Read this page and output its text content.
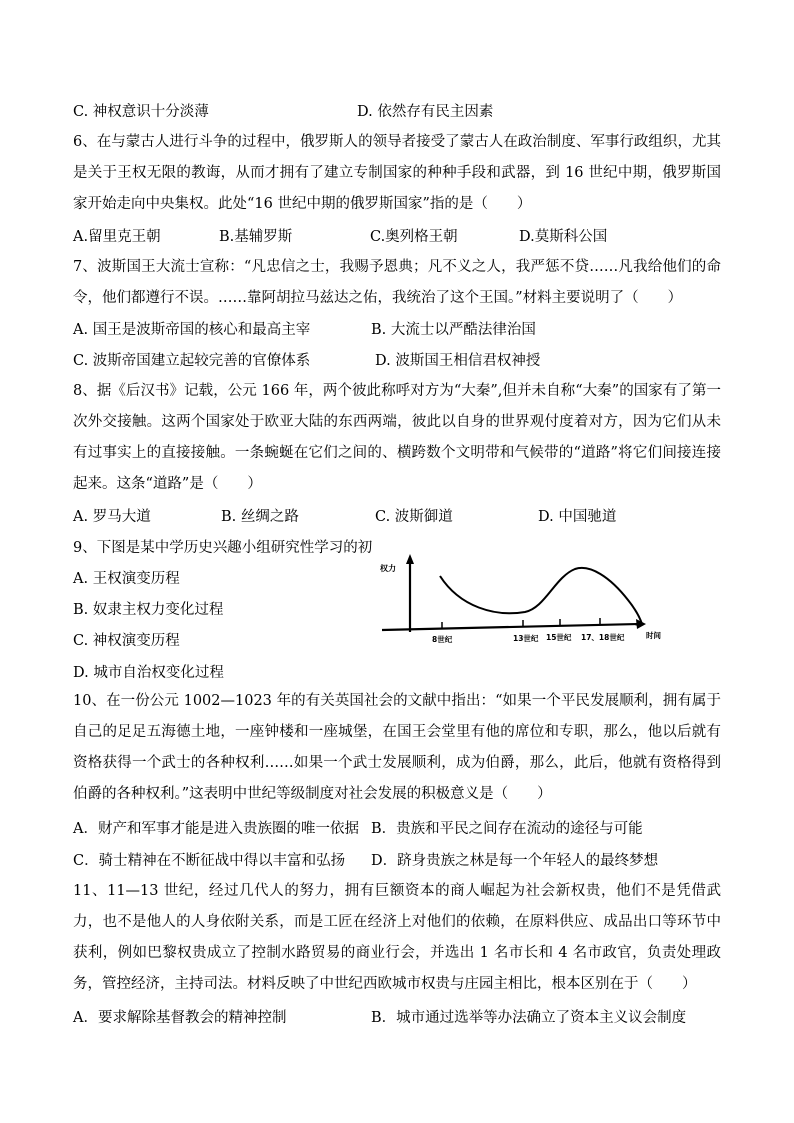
C. 神权意识十分淡薄	D. 依然存有民主因素
6、在与蒙古人进行斗争的过程中，俄罗斯人的领导者接受了蒙古人在政治制度、军事行政组织，尤其是关于王权无限的教诲，从而才拥有了建立专制国家的种种手段和武器，到 16 世纪中期，俄罗斯国家开始走向中央集权。此处“16 世纪中期的俄罗斯国家”指的是（　　）
A.留里克王朝	B.基辅罗斯	C.奥列格王朝	D.莫斯科公国
7、波斯国王大流士宣称：“凡忠信之士，我赐予恩典；凡不义之人，我严惩不贷……凡我给他们的命令，他们都遵行不误。……靠阿胡拉马兹达之佑，我统治了这个王国。”材料主要说明了（　　）
A. 国王是波斯帝国的核心和最高主宰	B. 大流士以严酷法律治国
C. 波斯帝国建立起较完善的官僚体系	D. 波斯国王相信君权神授
8、据《后汉书》记载，公元 166 年，两个彼此称呼对方为“大秦”,但并未自称“大秦”的国家有了第一次外交接触。这两个国家处于欧亚大陆的东西两端，彼此以自身的世界观付度着对方，因为它们从未有过事实上的直接接触。一条蜿蜒在它们之间的、横跨数个文明带和气候带的“道路”将它们间接连接起来。这条“道路”是（　　）
A. 罗马大道	B. 丝绸之路	C. 波斯御道	D. 中国驰道
9、下图是某中学历史兴趣小组研究性学习的初
A. 王权演变历程
B. 奴隶主权力变化过程
C. 神权演变历程
D. 城市自治权变化过程
权力
8世纪	13世纪 15世纪 17、18世纪	时间
10、在一份公元 1002—1023 年的有关英国社会的文献中指出：“如果一个平民发展顺利，拥有属于自己的足足五海德土地，一座钟楼和一座城堡，在国王会堂里有他的席位和专职，那么，他以后就有资格获得一个武士的各种权利……如果一个武士发展顺利，成为伯爵，那么，此后，他就有资格得到伯爵的各种权利。”这表明中世纪等级制度对社会发展的积极意义是（　　）
A．财产和军事才能是进入贵族圈的唯一依据 B．贵族和平民之间存在流动的途径与可能
C．骑士精神在不断征战中得以丰富和弘扬 D．跻身贵族之林是每一个年轻人的最终梦想
11、11—13 世纪，经过几代人的努力，拥有巨额资本的商人崛起为社会新权贵，他们不是凭借武力，也不是他人的人身依附关系，而是工匠在经济上对他们的依赖，在原料供应、成品出口等环节中获利，例如巴黎权贵成立了控制水路贸易的商业行会，并选出 1 名市长和 4 名市政官，负责处理政务，管控经济，主持司法。材料反映了中世纪西欧城市权贵与庄园主相比，根本区别在于（　　）
A．要求解除基督教会的精神控制	B．城市通过选举等办法确立了资本主义议会制度
